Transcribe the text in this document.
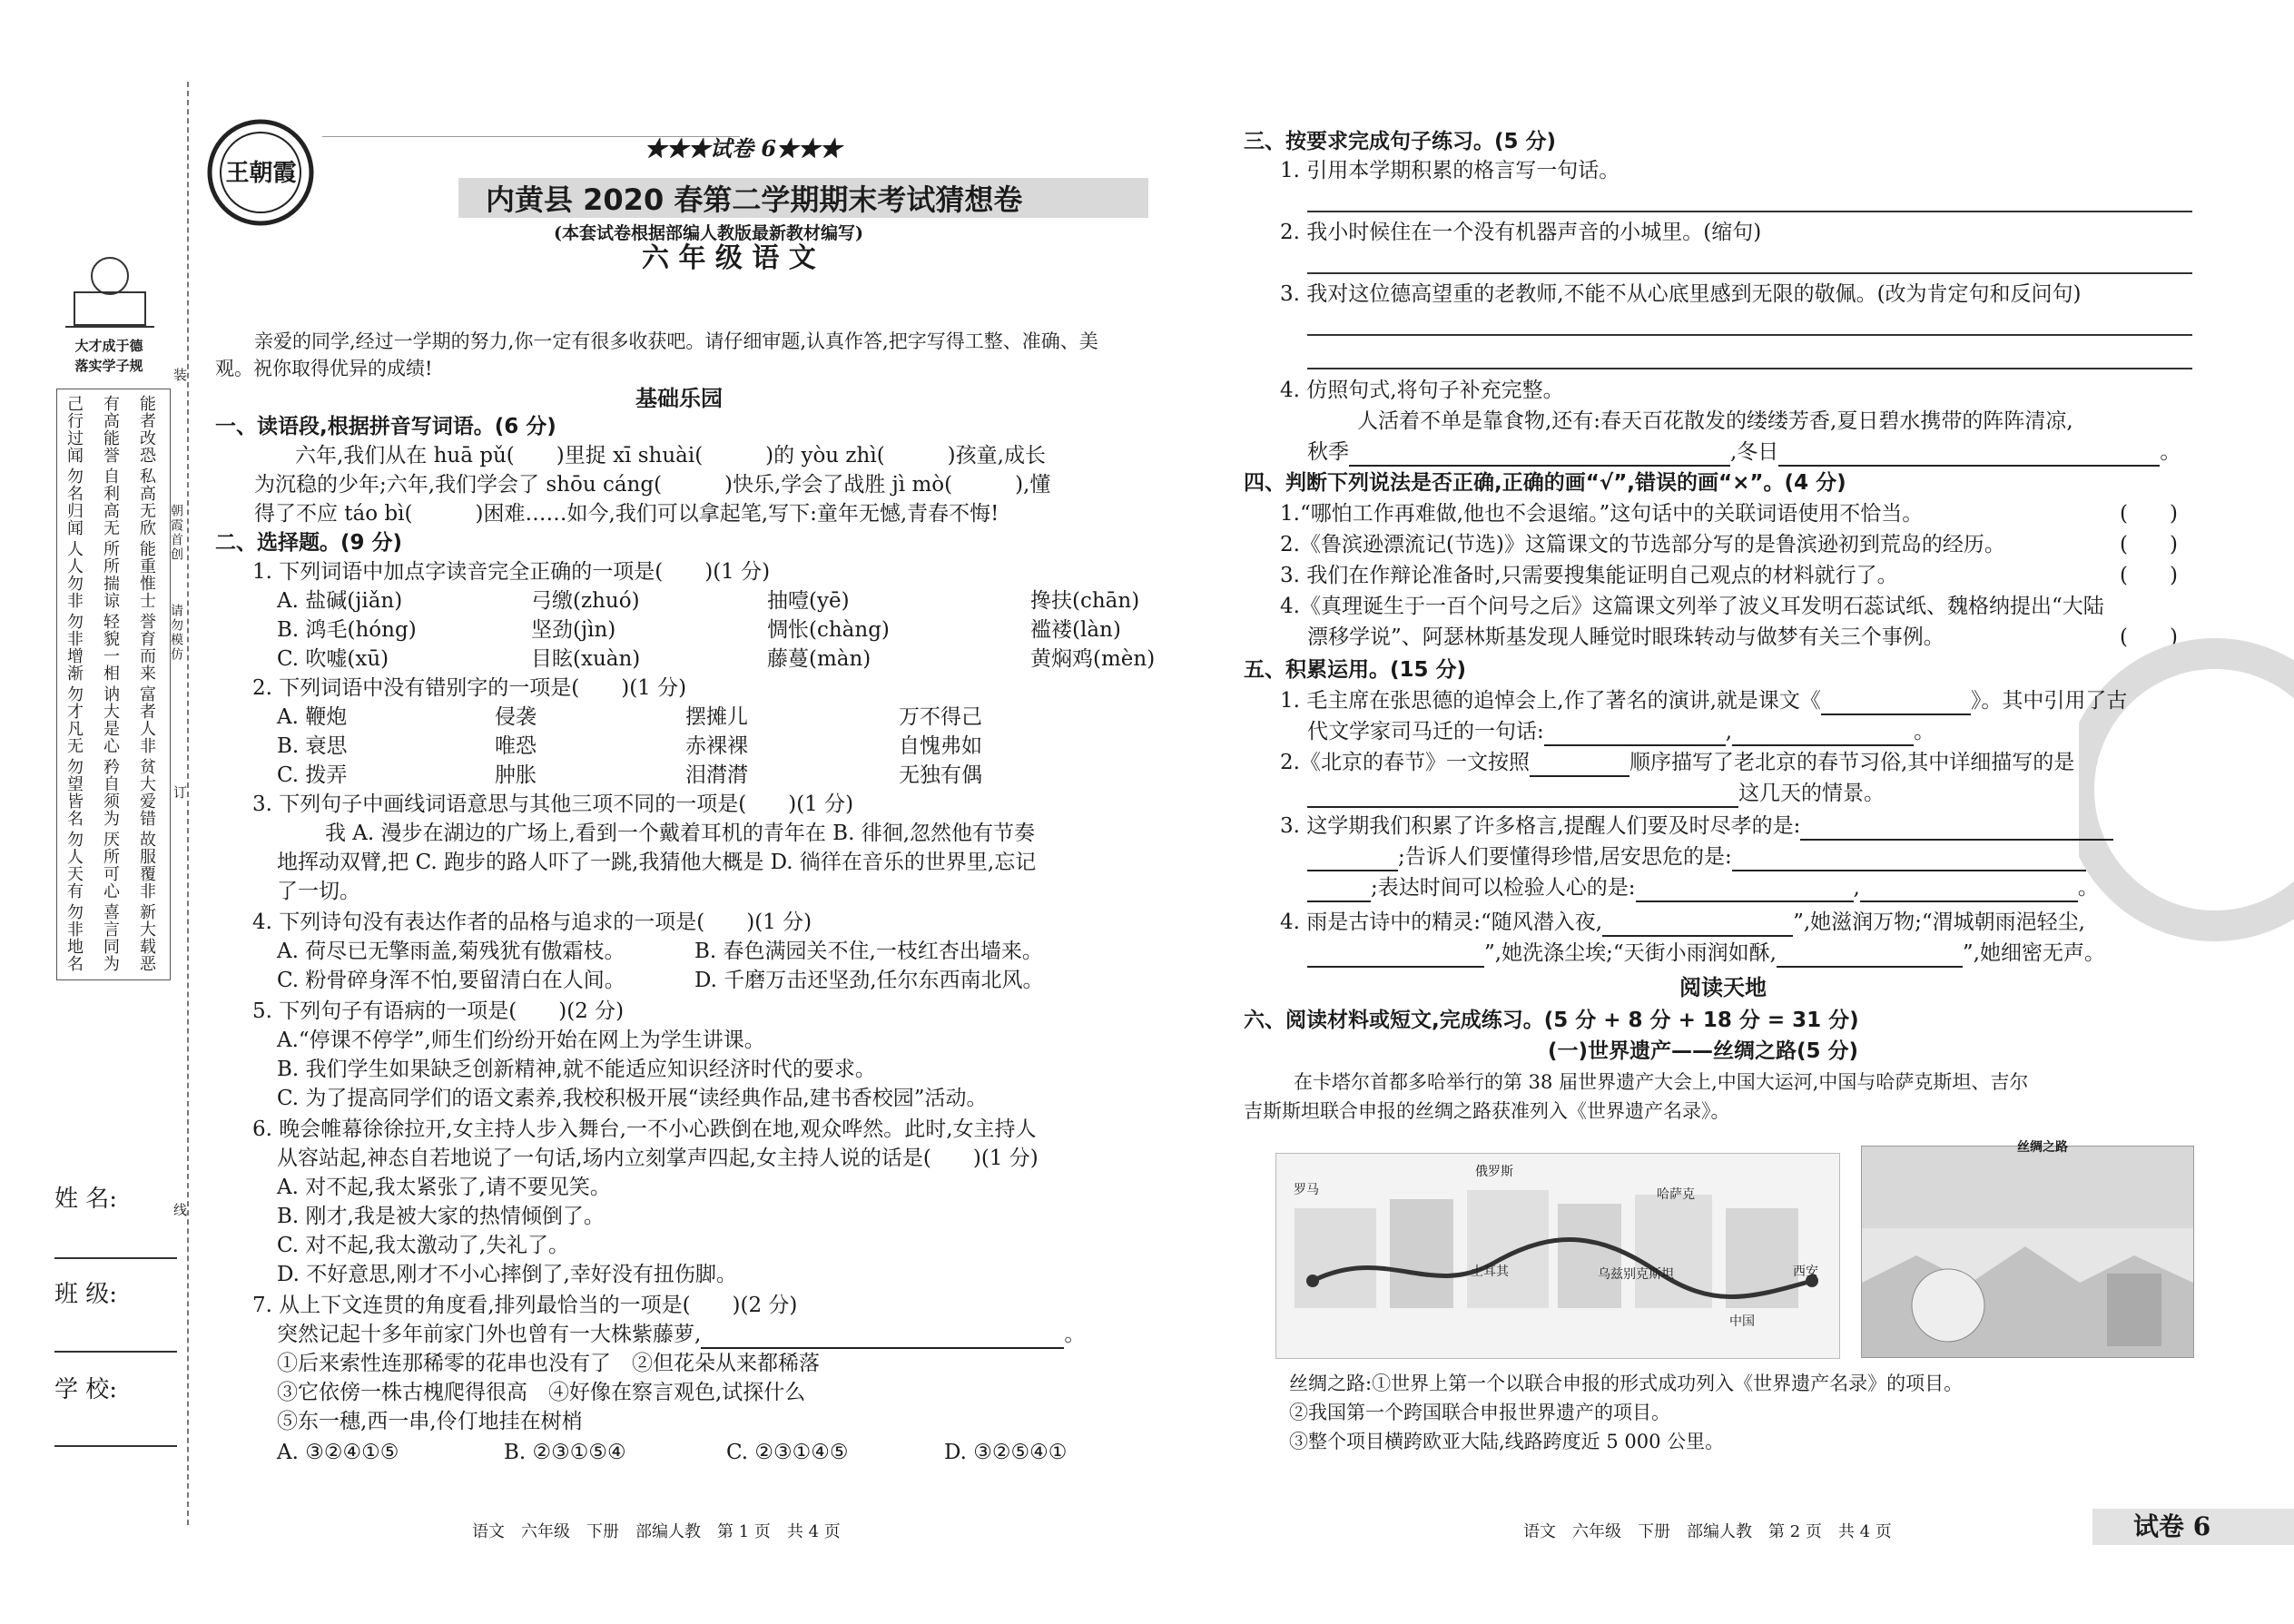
大才成于德
落实学子规
己行过闻 有高能誉 能者改恐
勿名归闻 自利高无 私高无欣
人人勿非 所所揣谅 能重惟士
勿非增渐 轻貌一相 誉育而来
勿才凡无 讷大是心 富者人非
勿望皆名 矜自须为 贫大爱错
勿人天有 厌所可心 故服覆非
勿非地名 喜言同为 新大载恶
装
朝霞首创
请勿模仿
订
线
姓 名:
班 级:
学 校:
王朝霞
★★★试卷 6★★★
内黄县 2020 春第二学期期末考试猜想卷
(本套试卷根据部编人教版最新教材编写)
六 年 级 语 文
亲爱的同学,经过一学期的努力,你一定有很多收获吧。请仔细审题,认真作答,把字写得工整、准确、美
观。祝你取得优异的成绩!
基础乐园
一、读语段,根据拼音写词语。(6 分)
六年,我们从在 huā pǔ(　　)里捉 xī shuài(　　　)的 yòu zhì(　　　)孩童,成长
为沉稳的少年;六年,我们学会了 shōu cáng(　　　)快乐,学会了战胜 jì mò(　　　),懂
得了不应 táo bì(　　　)困难……如今,我们可以拿起笔,写下:童年无憾,青春不悔!
二、选择题。(9 分)
1. 下列词语中加点字读音完全正确的一项是(　　)(1 分)
A. 盐碱(jiǎn)	弓缴(zhuó)	抽噎(yē)	搀扶(chān)
B. 鸿毛(hóng)	坚劲(jìn)	惆怅(chàng)	褴褛(làn)
C. 吹嘘(xū)	目眩(xuàn)	藤蔓(màn)	黄焖鸡(mèn)
2. 下列词语中没有错别字的一项是(　　)(1 分)
A. 鞭炮	侵袭	摆摊儿	万不得己
B. 衰思	唯恐	赤裸裸	自愧弗如
C. 拨弄	肿胀	泪潸潸	无独有偶
3. 下列句子中画线词语意思与其他三项不同的一项是(　　)(1 分)
我 A. 漫步在湖边的广场上,看到一个戴着耳机的青年在 B. 徘徊,忽然他有节奏
地挥动双臂,把 C. 跑步的路人吓了一跳,我猜他大概是 D. 徜徉在音乐的世界里,忘记
了一切。
4. 下列诗句没有表达作者的品格与追求的一项是(　　)(1 分)
A. 荷尽已无擎雨盖,菊残犹有傲霜枝。	B. 春色满园关不住,一枝红杏出墙来。
C. 粉骨碎身浑不怕,要留清白在人间。	D. 千磨万击还坚劲,任尔东西南北风。
5. 下列句子有语病的一项是(　　)(2 分)
A.“停课不停学”,师生们纷纷开始在网上为学生讲课。
B. 我们学生如果缺乏创新精神,就不能适应知识经济时代的要求。
C. 为了提高同学们的语文素养,我校积极开展“读经典作品,建书香校园”活动。
6. 晚会帷幕徐徐拉开,女主持人步入舞台,一不小心跌倒在地,观众哗然。此时,女主持人
从容站起,神态自若地说了一句话,场内立刻掌声四起,女主持人说的话是(　　)(1 分)
A. 对不起,我太紧张了,请不要见笑。
B. 刚才,我是被大家的热情倾倒了。
C. 对不起,我太激动了,失礼了。
D. 不好意思,刚才不小心摔倒了,幸好没有扭伤脚。
7. 从上下文连贯的角度看,排列最恰当的一项是(　　)(2 分)
突然记起十多年前家门外也曾有一大株紫藤萝,	。
①后来索性连那稀零的花串也没有了　②但花朵从来都稀落
③它依傍一株古槐爬得很高　④好像在察言观色,试探什么
⑤东一穗,西一串,伶仃地挂在树梢
A. ③②④①⑤	B. ②③①⑤④	C. ②③①④⑤	D. ③②⑤④①
语文　六年级　下册　部编人教　第 1 页　共 4 页
三、按要求完成句子练习。(5 分)
1. 引用本学期积累的格言写一句话。
2. 我小时候住在一个没有机器声音的小城里。(缩句)
3. 我对这位德高望重的老教师,不能不从心底里感到无限的敬佩。(改为肯定句和反问句)
4. 仿照句式,将句子补充完整。
人活着不单是靠食物,还有:春天百花散发的缕缕芳香,夏日碧水携带的阵阵清凉,
秋季	,冬日	。
四、判断下列说法是否正确,正确的画“√”,错误的画“×”。(4 分)
1.“哪怕工作再难做,他也不会退缩。”这句话中的关联词语使用不恰当。	(　　)
2.《鲁滨逊漂流记(节选)》这篇课文的节选部分写的是鲁滨逊初到荒岛的经历。	(　　)
3. 我们在作辩论准备时,只需要搜集能证明自己观点的材料就行了。	(　　)
4.《真理诞生于一百个问号之后》这篇课文列举了波义耳发明石蕊试纸、魏格纳提出“大陆
漂移学说”、阿瑟林斯基发现人睡觉时眼珠转动与做梦有关三个事例。	(　　)
五、积累运用。(15 分)
1. 毛主席在张思德的追悼会上,作了著名的演讲,就是课文《	》。其中引用了古
代文学家司马迁的一句话:	,	。
2.《北京的春节》一文按照	顺序描写了老北京的春节习俗,其中详细描写的是
这几天的情景。
3. 这学期我们积累了许多格言,提醒人们要及时尽孝的是:
;告诉人们要懂得珍惜,居安思危的是:
;表达时间可以检验人心的是:	,	。
4. 雨是古诗中的精灵:“随风潜入夜,	”,她滋润万物;“渭城朝雨浥轻尘,
”,她洗涤尘埃;“天街小雨润如酥,	”,她细密无声。
阅读天地
六、阅读材料或短文,完成练习。(5 分 + 8 分 + 18 分 = 31 分)
(一)世界遗产——丝绸之路(5 分)
在卡塔尔首都多哈举行的第 38 届世界遗产大会上,中国大运河,中国与哈萨克斯坦、吉尔
吉斯斯坦联合申报的丝绸之路获准列入《世界遗产名录》。
罗马
俄罗斯
哈萨克
西安
中国
乌兹别克斯坦
土耳其
丝绸之路
丝绸之路:①世界上第一个以联合申报的形式成功列入《世界遗产名录》的项目。
②我国第一个跨国联合申报世界遗产的项目。
③整个项目横跨欧亚大陆,线路跨度近 5 000 公里。
语文　六年级　下册　部编人教　第 2 页　共 4 页	试卷 6
